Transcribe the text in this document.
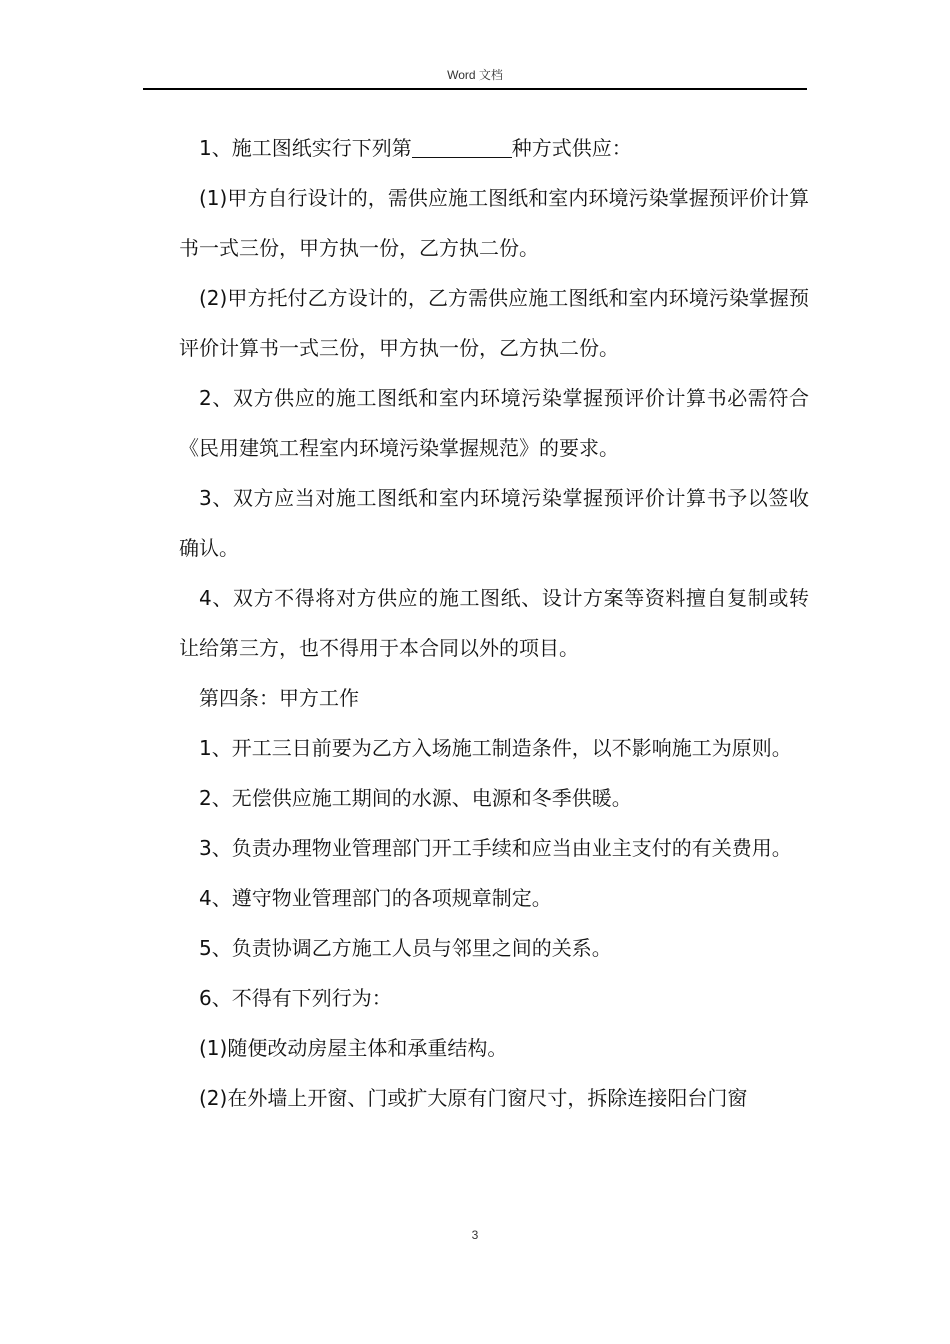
Word 文档

1、施工图纸实行下列第	种方式供应：

(1)甲方自行设计的，需供应施工图纸和室内环境污染掌握预评价计算书一式三份，甲方执一份，乙方执二份。

(2)甲方托付乙方设计的，乙方需供应施工图纸和室内环境污染掌握预评价计算书一式三份，甲方执一份，乙方执二份。

2、双方供应的施工图纸和室内环境污染掌握预评价计算书必需符合《民用建筑工程室内环境污染掌握规范》的要求。

3、双方应当对施工图纸和室内环境污染掌握预评价计算书予以签收确认。

4、双方不得将对方供应的施工图纸、设计方案等资料擅自复制或转让给第三方，也不得用于本合同以外的项目。

第四条：甲方工作

1、开工三日前要为乙方入场施工制造条件，以不影响施工为原则。

2、无偿供应施工期间的水源、电源和冬季供暖。

3、负责办理物业管理部门开工手续和应当由业主支付的有关费用。

4、遵守物业管理部门的各项规章制定。

5、负责协调乙方施工人员与邻里之间的关系。

6、不得有下列行为：

(1)随便改动房屋主体和承重结构。

(2)在外墙上开窗、门或扩大原有门窗尺寸，拆除连接阳台门窗

3
